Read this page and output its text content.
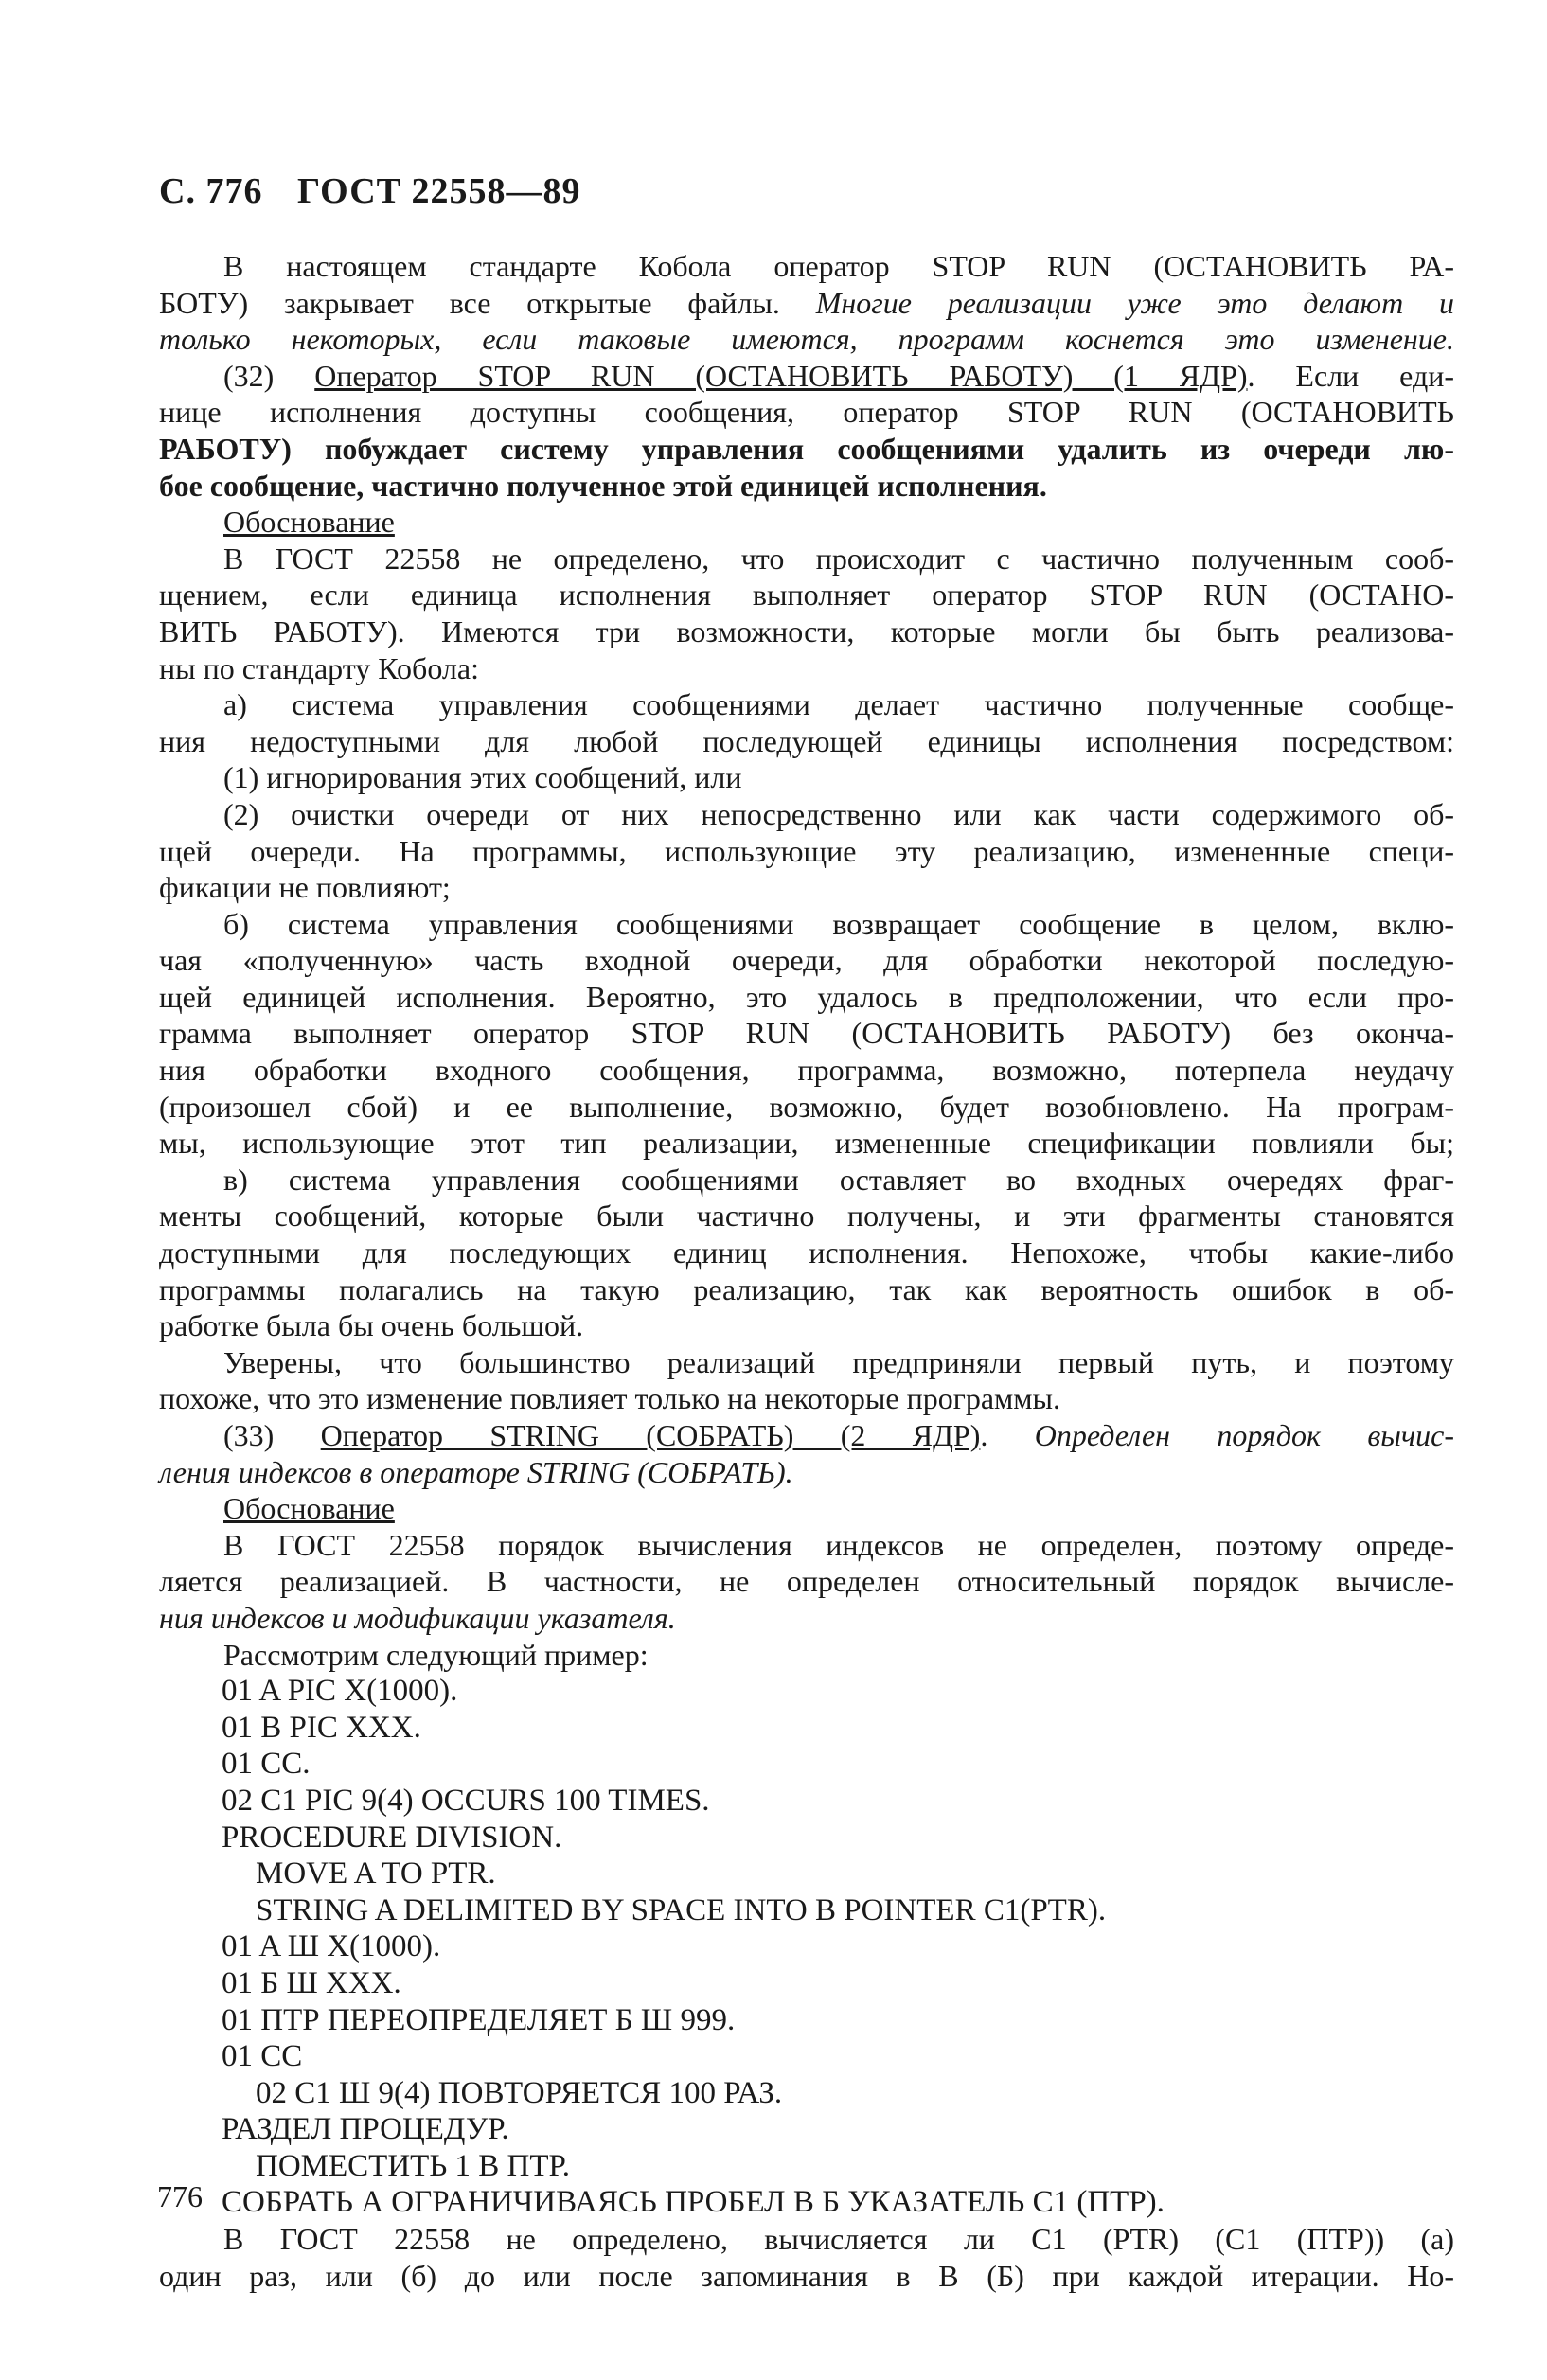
С. 776 ГОСТ 22558—89
В настоящем стандарте Кобола оператор STOP RUN (ОСТАНОВИТЬ РА-
БОТУ) закрывает все открытые файлы. Многие реализации уже это делают и
только некоторых, если таковые имеются, программ коснется это изменение.
(32) Оператор STOP RUN (ОСТАНОВИТЬ РАБОТУ) (1 ЯДР). Если еди-
нице исполнения доступны сообщения, оператор STOP RUN (ОСТАНОВИТЬ
РАБОТУ) побуждает систему управления сообщениями удалить из очереди лю-
бое сообщение, частично полученное этой единицей исполнения.
Обоснование
В ГОСТ 22558 не определено, что происходит с частично полученным сооб-
щением, если единица исполнения выполняет оператор STOP RUN (ОСТАНО-
ВИТЬ РАБОТУ). Имеются три возможности, которые могли бы быть реализова-
ны по стандарту Кобола:
а) система управления сообщениями делает частично полученные сообще-
ния недоступными для любой последующей единицы исполнения посредством:
(1) игнорирования этих сообщений, или
(2) очистки очереди от них непосредственно или как части содержимого об-
щей очереди. На программы, использующие эту реализацию, измененные специ-
фикации не повлияют;
б) система управления сообщениями возвращает сообщение в целом, вклю-
чая «полученную» часть входной очереди, для обработки некоторой последую-
щей единицей исполнения. Вероятно, это удалось в предположении, что если про-
грамма выполняет оператор STOP RUN (ОСТАНОВИТЬ РАБОТУ) без оконча-
ния обработки входного сообщения, программа, возможно, потерпела неудачу
(произошел сбой) и ее выполнение, возможно, будет возобновлено. На програм-
мы, использующие этот тип реализации, измененные спецификации повлияли бы;
в) система управления сообщениями оставляет во входных очередях фраг-
менты сообщений, которые были частично получены, и эти фрагменты становятся
доступными для последующих единиц исполнения. Непохоже, чтобы какие-либо
программы полагались на такую реализацию, так как вероятность ошибок в об-
работке была бы очень большой.
Уверены, что большинство реализаций предприняли первый путь, и поэтому
похоже, что это изменение повлияет только на некоторые программы.
(33) Оператор STRING (СОБРАТЬ) (2 ЯДР). Определен порядок вычис-
ления индексов в операторе STRING (СОБРАТЬ).
Обоснование
В ГОСТ 22558 порядок вычисления индексов не определен, поэтому опреде-
ляется реализацией. В частности, не определен относительный порядок вычисле-
ния индексов и модификации указателя.
Рассмотрим следующий пример:
01 A PIC X(1000).
01 B PIC XXX.
01 CC.
02 C1 PIC 9(4) OCCURS 100 TIMES.
PROCEDURE DIVISION.
MOVE A TO PTR.
STRING A DELIMITED BY SPACE INTO B POINTER C1(PTR).
01 A Ш X(1000).
01 Б Ш XXX.
01 ПТР ПЕРЕОПРЕДЕЛЯЕТ Б Ш 999.
01 CC
02 C1 Ш 9(4) ПОВТОРЯЕТСЯ 100 РАЗ.
РАЗДЕЛ ПРОЦЕДУР.
ПОМЕСТИТЬ 1 В ПТР.
СОБРАТЬ А ОГРАНИЧИВАЯСЬ ПРОБЕЛ В Б УКАЗАТЕЛЬ C1 (ПТР).
В ГОСТ 22558 не определено, вычисляется ли C1 (PTR) (C1 (ПТР)) (а)
один раз, или (б) до или после запоминания в B (Б) при каждой итерации. Но-
776
